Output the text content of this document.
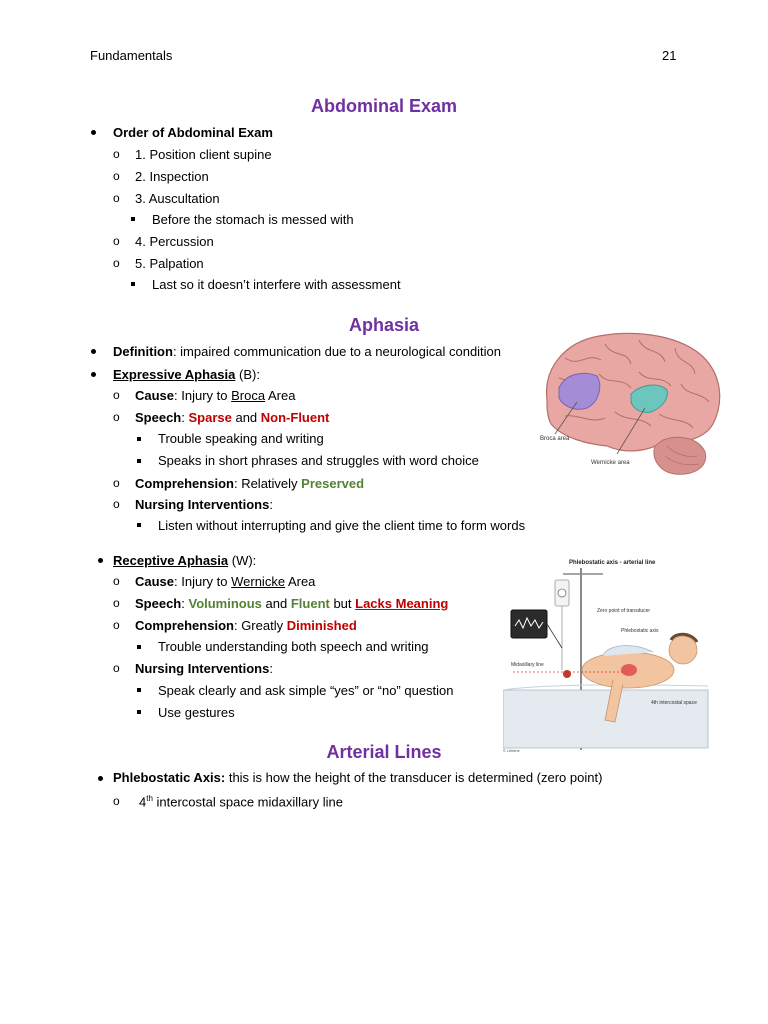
Fundamentals	21
Abdominal Exam
Order of Abdominal Exam
o 1. Position client supine
o 2. Inspection
o 3. Auscultation
Before the stomach is messed with
o 4. Percussion
o 5. Palpation
Last so it doesn’t interfere with assessment
Aphasia
Definition: impaired communication due to a neurological condition
Expressive Aphasia (B):
o Cause: Injury to Broca Area
o Speech: Sparse and Non-Fluent
Trouble speaking and writing
Speaks in short phrases and struggles with word choice
o Comprehension: Relatively Preserved
o Nursing Interventions:
Listen without interrupting and give the client time to form words
Receptive Aphasia (W):
o Cause: Injury to Wernicke Area
o Speech: Voluminous and Fluent but Lacks Meaning
o Comprehension: Greatly Diminished
Trouble understanding both speech and writing
o Nursing Interventions:
Speak clearly and ask simple “yes” or “no” question
Use gestures
Arterial Lines
Phlebostatic Axis: this is how the height of the transducer is determined (zero point)
o 4th intercostal space midaxillary line
Broca area
Wernicke area
Phlebostatic axis - arterial line
Zero point of transducer
Phlebostatic axis
Midaxillary line
4th intercostal space
© Lifeline
